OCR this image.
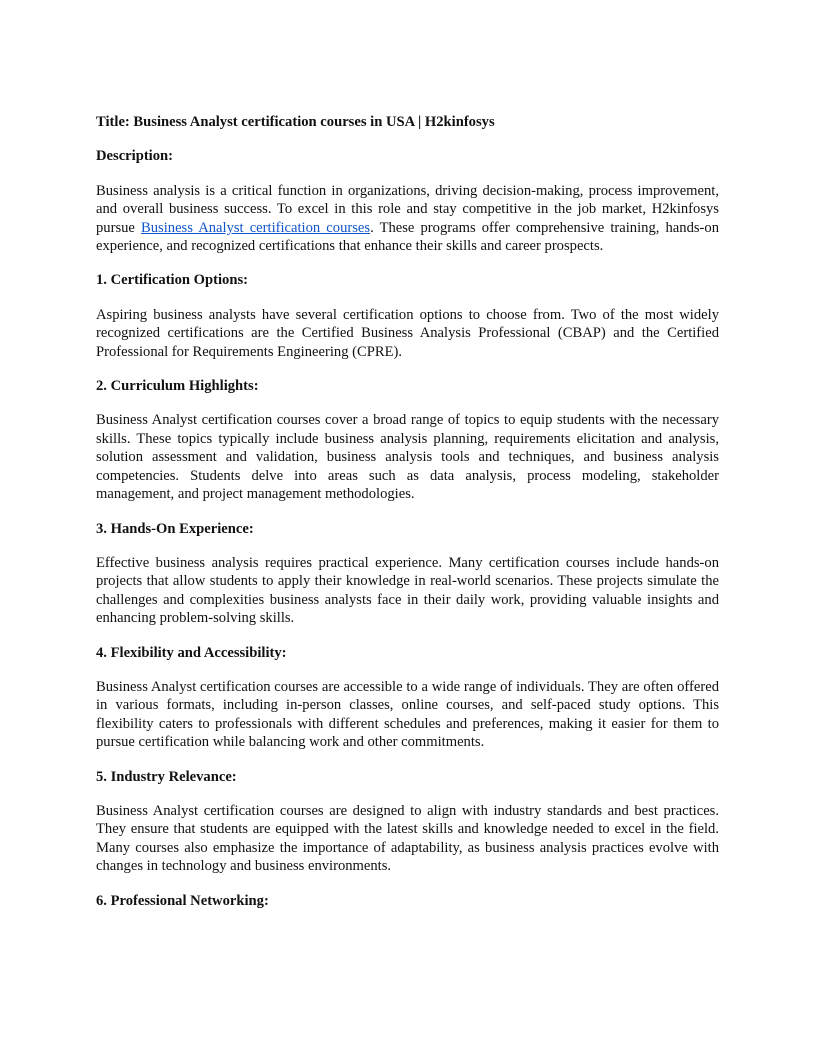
Title: Business Analyst certification courses in USA | H2kinfosys

Description:

Business analysis is a critical function in organizations, driving decision-making, process improvement, and overall business success. To excel in this role and stay competitive in the job market, H2kinfosys pursue Business Analyst certification courses. These programs offer comprehensive training, hands-on experience, and recognized certifications that enhance their skills and career prospects.

1. Certification Options:

Aspiring business analysts have several certification options to choose from. Two of the most widely recognized certifications are the Certified Business Analysis Professional (CBAP) and the Certified Professional for Requirements Engineering (CPRE).

2. Curriculum Highlights:

Business Analyst certification courses cover a broad range of topics to equip students with the necessary skills. These topics typically include business analysis planning, requirements elicitation and analysis, solution assessment and validation, business analysis tools and techniques, and business analysis competencies. Students delve into areas such as data analysis, process modeling, stakeholder management, and project management methodologies.

3. Hands-On Experience:

Effective business analysis requires practical experience. Many certification courses include hands-on projects that allow students to apply their knowledge in real-world scenarios. These projects simulate the challenges and complexities business analysts face in their daily work, providing valuable insights and enhancing problem-solving skills.

4. Flexibility and Accessibility:

Business Analyst certification courses are accessible to a wide range of individuals. They are often offered in various formats, including in-person classes, online courses, and self-paced study options. This flexibility caters to professionals with different schedules and preferences, making it easier for them to pursue certification while balancing work and other commitments.

5. Industry Relevance:

Business Analyst certification courses are designed to align with industry standards and best practices. They ensure that students are equipped with the latest skills and knowledge needed to excel in the field. Many courses also emphasize the importance of adaptability, as business analysis practices evolve with changes in technology and business environments.

6. Professional Networking:
